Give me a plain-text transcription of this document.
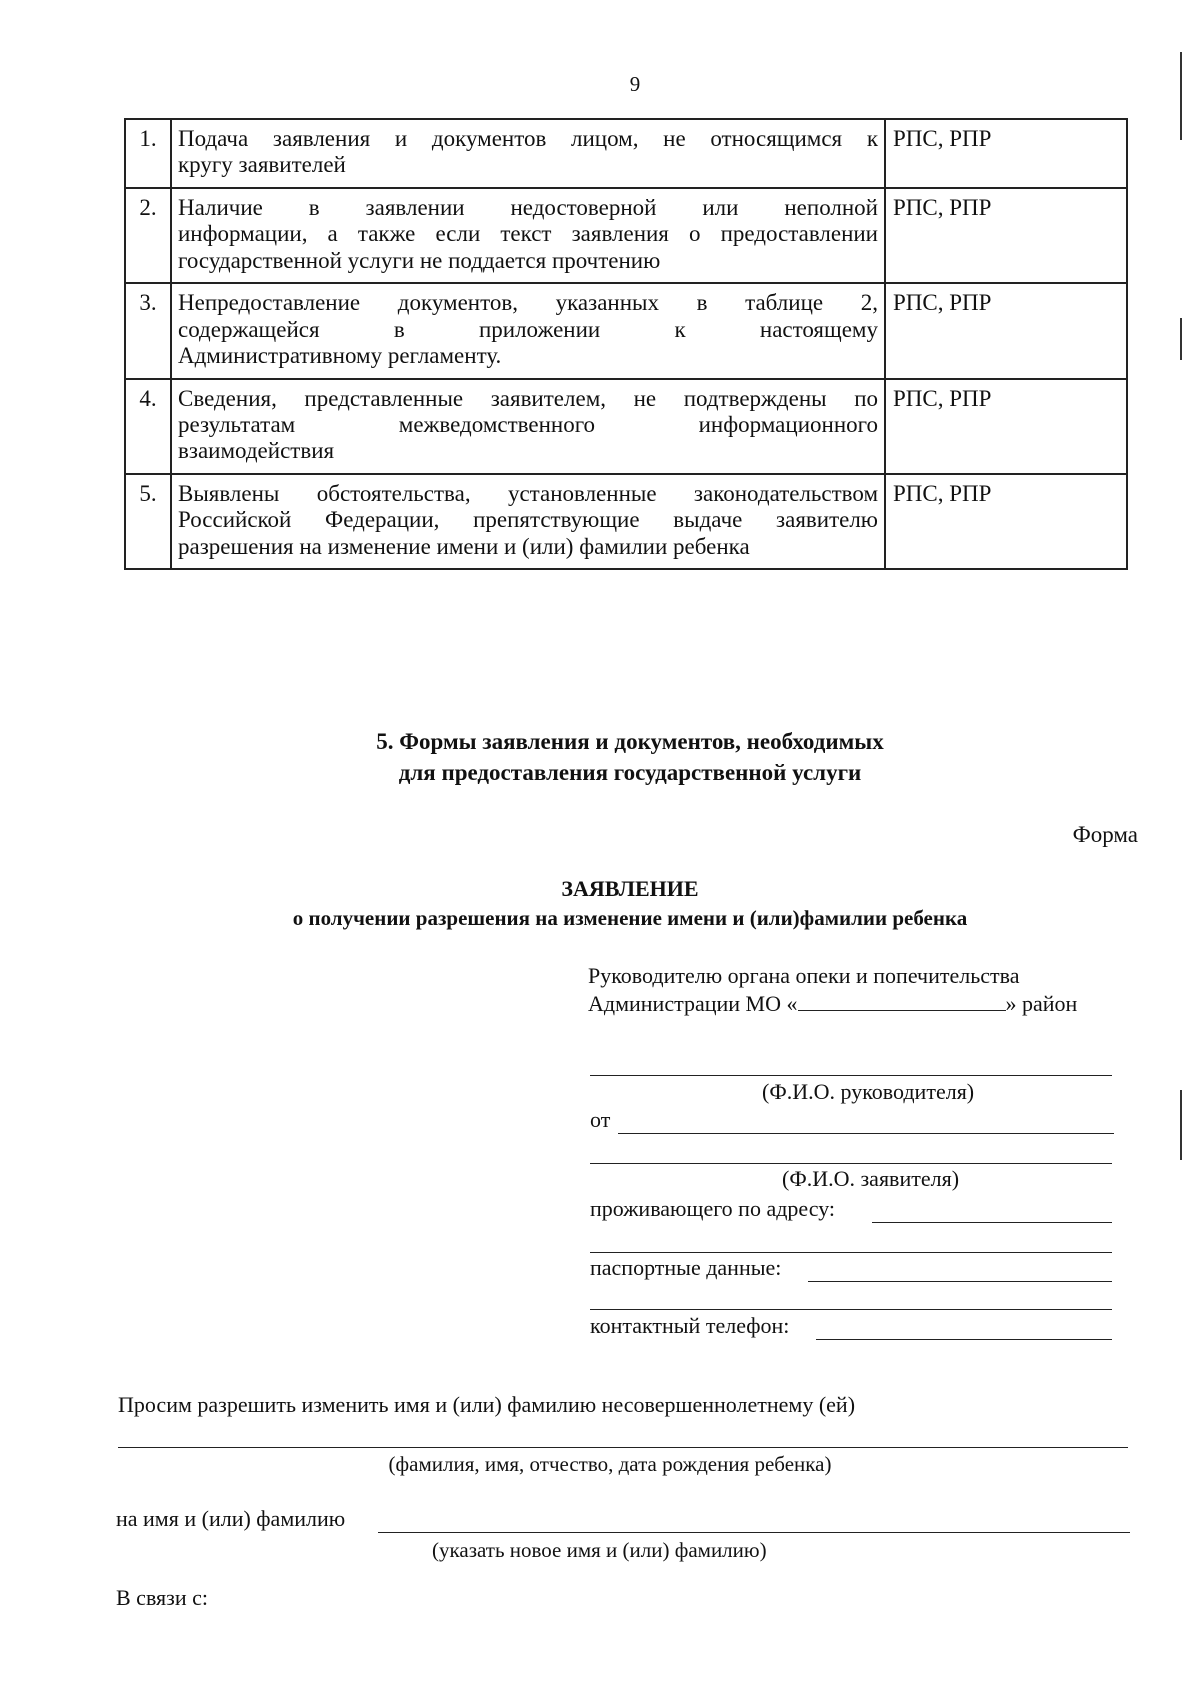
9
1.	Подача заявления и документов лицом, не относящимся к
кругу заявителей	РПС, РПР
2.	Наличие в заявлении недостоверной или неполной
информации, а также если текст заявления о предоставлении
государственной услуги не поддается прочтению	РПС, РПР
3.	Непредоставление документов, указанных в таблице 2,
содержащейся в приложении к настоящему
Административному регламенту.	РПС, РПР
4.	Сведения, представленные заявителем, не подтверждены по
результатам межведомственного информационного
взаимодействия	РПС, РПР
5.	Выявлены обстоятельства, установленные законодательством
Российской Федерации, препятствующие выдаче заявителю
разрешения на изменение имени и (или) фамилии ребенка	РПС, РПР
5. Формы заявления и документов, необходимых
для предоставления государственной услуги
Форма
ЗАЯВЛЕНИЕ
о получении разрешения на изменение имени и (или)фамилии ребенка
Руководителю органа опеки и попечительства
Администрации МО «	» район
(Ф.И.О. руководителя)
от
(Ф.И.О. заявителя)
проживающего по адресу:
паспортные данные:
контактный телефон:
Просим разрешить изменить имя и (или) фамилию несовершеннолетнему (ей)
(фамилия, имя, отчество, дата рождения ребенка)
на имя и (или) фамилию
(указать новое имя и (или) фамилию)
В связи с:
